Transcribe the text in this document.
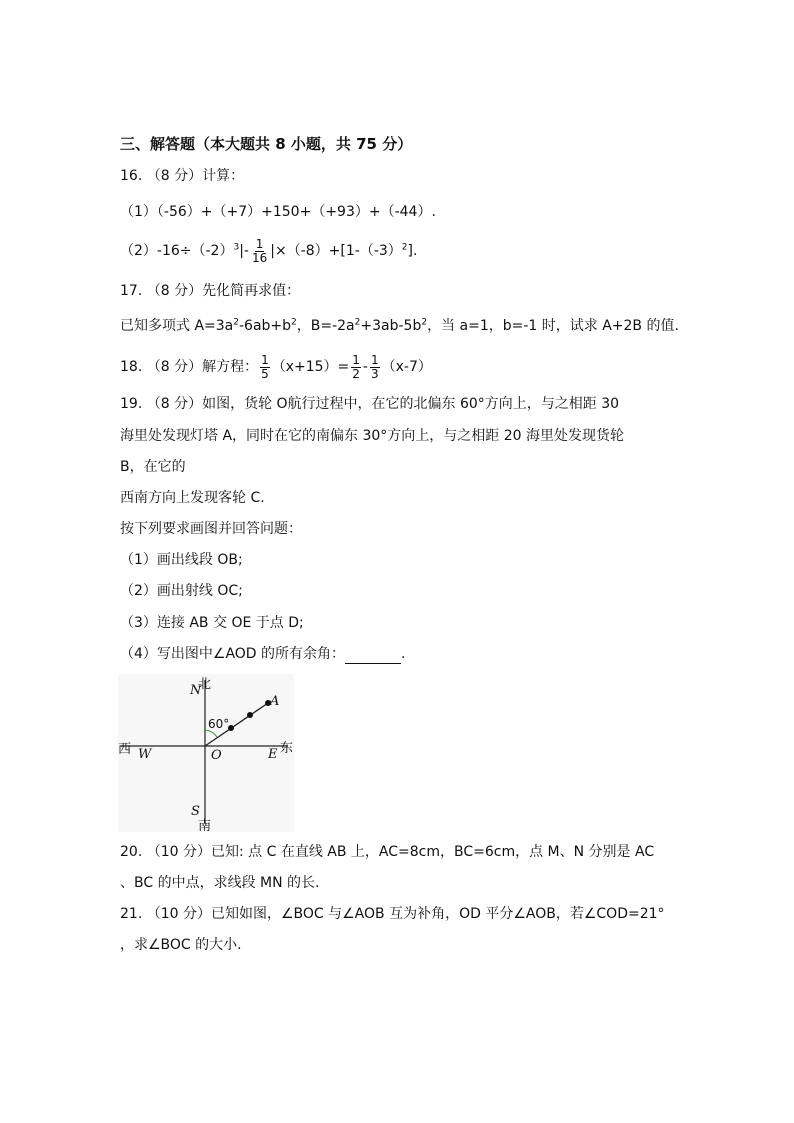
三、解答题（本大题共 8 小题，共 75 分）
16. （8 分）计算：
（1）（-56）+（+7）+150+（+93）+（-44）.
$(2)-16\div(-2)^3|- \frac{1}{16} |\times(-8)+[1-(-3)^2]$.
17. （8 分）先化简再求值：
已知多项式 $A=3a^2-6ab+b^2$，$B=-2a^2+3ab-5b^2$，当 a=1，b=-1 时，试求 A+2B 的值.
18. （8 分）解方程： $\frac{1}{5} (x+15)= \frac{1}{2} - \frac{1}{3} (x-7)$
19. （8 分）如图，货轮 O航行过程中，在它的北偏东 60°方向上，与之相距 30
海里处发现灯塔 A，同时在它的南偏东 30°方向上，与之相距 20 海里处发现货轮
B，在它的
西南方向上发现客轮 C.
按下列要求画图并回答问题：
（1）画出线段 OB;
（2）画出射线 OC;
（3）连接 AB 交 OE 于点 D;
（4）写出图中∠AOD 的所有余角：	.
北
N
A
60°
西 W	O	E 东
S
南
20. （10 分）已知: 点 C 在直线 AB 上，AC=8cm，BC=6cm，点 M、N 分别是 AC
、BC 的中点，求线段 MN 的长.
21. （10 分）已知如图，∠BOC 与∠AOB 互为补角，OD 平分∠AOB，若∠COD=21°
，求∠BOC 的大小.
